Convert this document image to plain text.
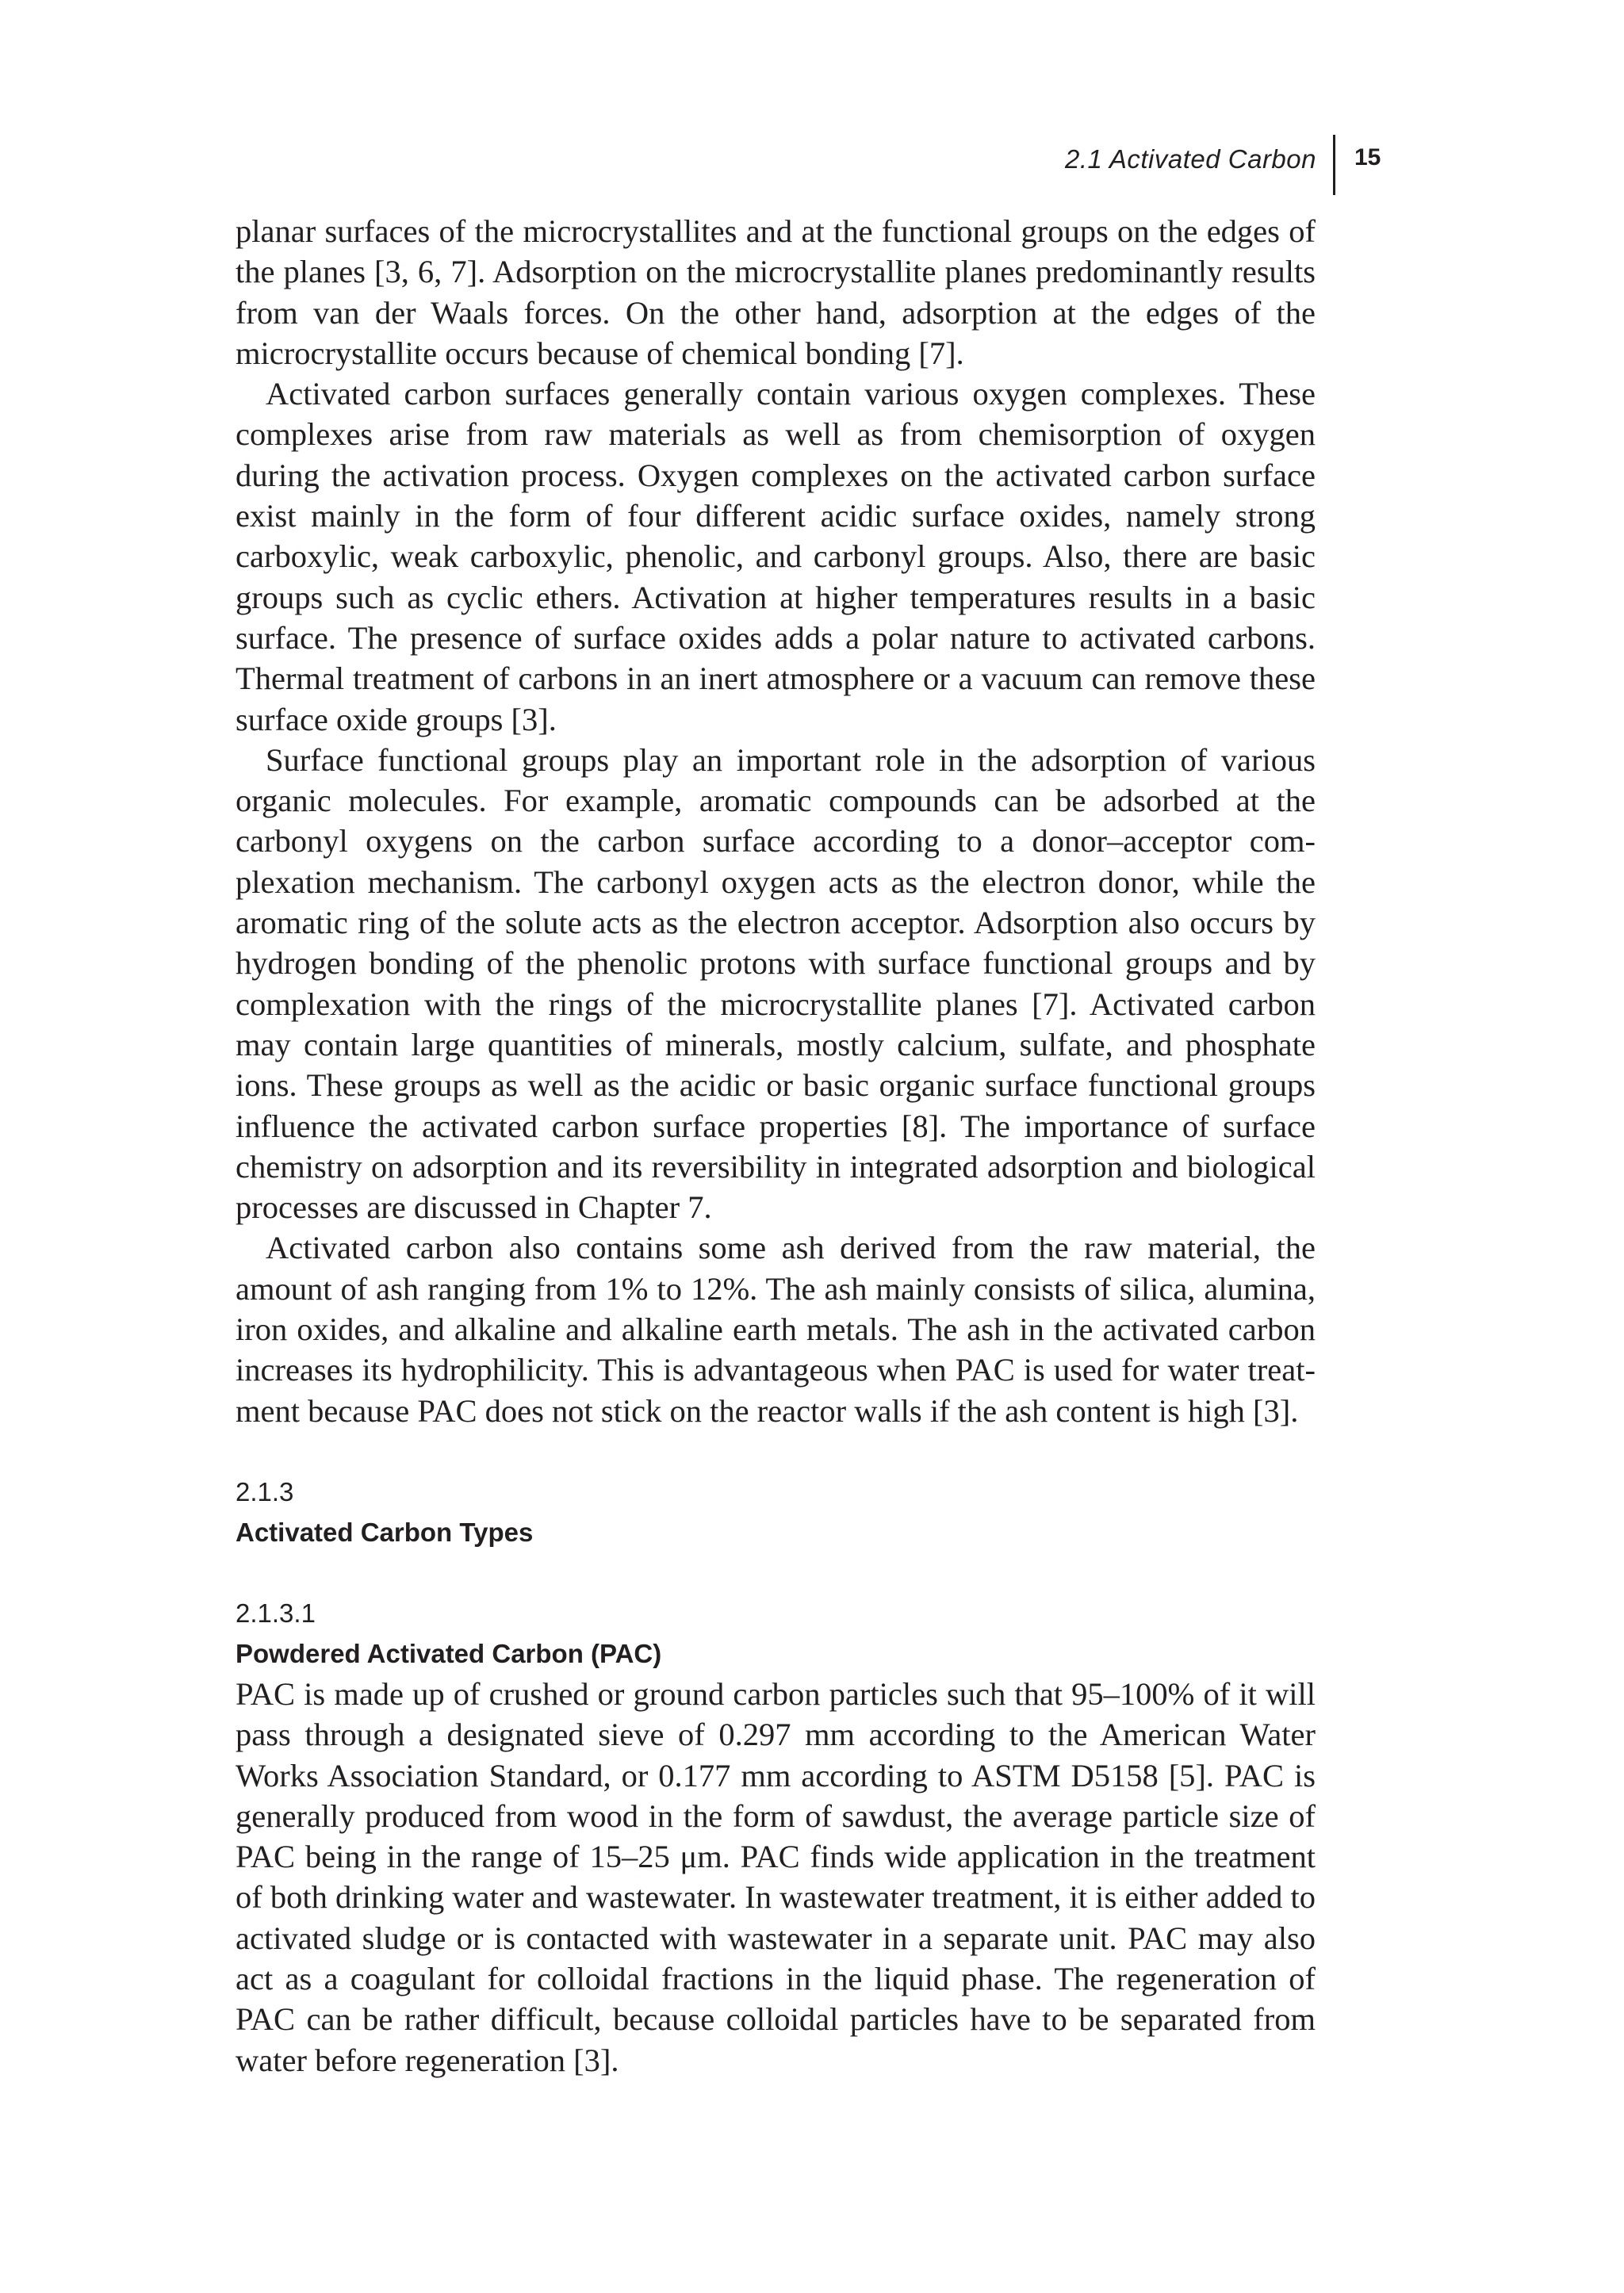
2.1 Activated Carbon 15

planar surfaces of the microcrystallites and at the functional groups on the edges of the planes [3, 6, 7]. Adsorption on the microcrystallite planes predominantly results from van der Waals forces. On the other hand, adsorption at the edges of the microcrystallite occurs because of chemical bonding [7].

Activated carbon surfaces generally contain various oxygen complexes. These complexes arise from raw materials as well as from chemisorption of oxygen during the activation process. Oxygen complexes on the activated carbon surface exist mainly in the form of four different acidic surface oxides, namely strong carboxylic, weak carboxylic, phenolic, and carbonyl groups. Also, there are basic groups such as cyclic ethers. Activation at higher temperatures results in a basic surface. The presence of surface oxides adds a polar nature to activated carbons. Thermal treatment of carbons in an inert atmosphere or a vacuum can remove these surface oxide groups [3].

Surface functional groups play an important role in the adsorption of various organic molecules. For example, aromatic compounds can be adsorbed at the carbonyl oxygens on the carbon surface according to a donor–acceptor complexation mechanism. The carbonyl oxygen acts as the electron donor, while the aromatic ring of the solute acts as the electron acceptor. Adsorption also occurs by hydrogen bonding of the phenolic protons with surface functional groups and by complexation with the rings of the microcrystallite planes [7]. Activated carbon may contain large quantities of minerals, mostly calcium, sulfate, and phosphate ions. These groups as well as the acidic or basic organic surface functional groups influence the activated carbon surface properties [8]. The importance of surface chemistry on adsorption and its reversibility in integrated adsorption and biological processes are discussed in Chapter 7.

Activated carbon also contains some ash derived from the raw material, the amount of ash ranging from 1% to 12%. The ash mainly consists of silica, alumina, iron oxides, and alkaline and alkaline earth metals. The ash in the activated carbon increases its hydrophilicity. This is advantageous when PAC is used for water treatment because PAC does not stick on the reactor walls if the ash content is high [3].

2.1.3
Activated Carbon Types
2.1.3.1
Powdered Activated Carbon (PAC)

PAC is made up of crushed or ground carbon particles such that 95–100% of it will pass through a designated sieve of 0.297 mm according to the American Water Works Association Standard, or 0.177 mm according to ASTM D5158 [5]. PAC is generally produced from wood in the form of sawdust, the average particle size of PAC being in the range of 15–25 μm. PAC finds wide application in the treatment of both drinking water and wastewater. In wastewater treatment, it is either added to activated sludge or is contacted with wastewater in a separate unit. PAC may also act as a coagulant for colloidal fractions in the liquid phase. The regeneration of PAC can be rather difficult, because colloidal particles have to be separated from water before regeneration [3].
